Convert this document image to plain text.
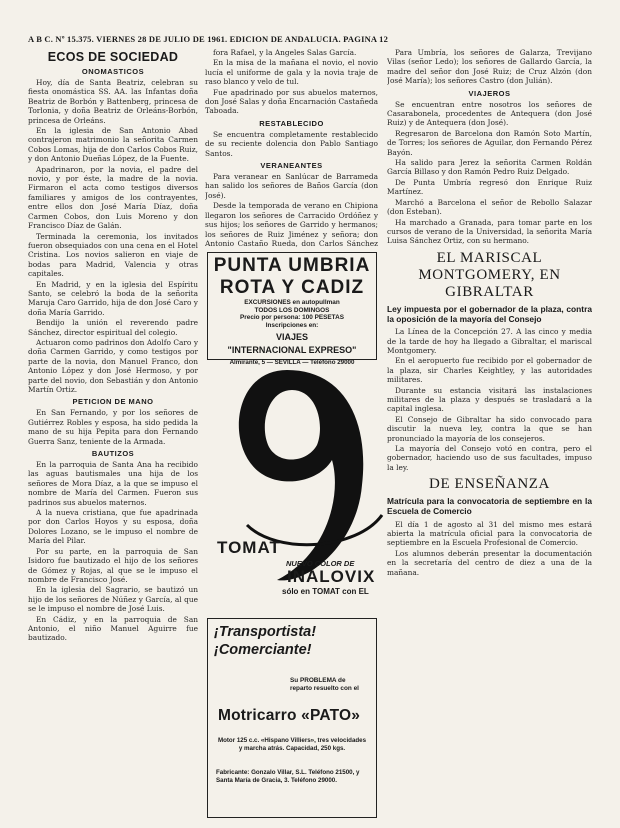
A B C. Nº 15.375. VIERNES 28 DE JULIO DE 1961. EDICION DE ANDALUCIA. PAGINA 12
ECOS DE SOCIEDAD
ONOMASTICOS

Hoy, día de Santa Beatriz, celebran su fiesta onomástica SS. AA. las Infantas doña Beatriz de Borbón y Battenberg, princesa de Torlonia, y doña Beatriz de Orleáns-Borbón, princesa de Orleáns.

En la iglesia de San Antonio Abad contrajeron matrimonio la señorita Carmen Cobos Lomas, hija de don Carlos Cobos Ruiz, y don Antonio Dueñas López, de la Fuente.

Apadrinaron, por la novia, el padre del novio, y por éste, la madre de la novia. Firmaron el acta como testigos diversos familiares y amigos de los contrayentes, entre ellos don José María Díaz, doña Carmen Cobos, don Luis Moreno y don Francisco Díaz de Galán.

Terminada la ceremonia, los invitados fueron obsequiados con una cena en el Hotel Cristina. Los novios salieron en viaje de bodas para Madrid, Valencia y otras capitales.

En Madrid, y en la iglesia del Espíritu Santo, se celebró la boda de la señorita Maruja Caro Garrido, hija de don José Caro y doña María Garrido.

Bendijo la unión el reverendo padre Sánchez, director espiritual del colegio.

Actuaron como padrinos don Adolfo Caro y doña Carmen Garrido, y como testigos por parte de la novia, don Manuel Franco, don Antonio López y don José Hermoso, y por parte del novio, don Sebastián y don Antonio Martín Ortiz.

PETICION DE MANO

En San Fernando, y por los señores de Gutiérrez Robles y esposa, ha sido pedida la mano de su hija Pepita para don Fernando Guerra Sanz, teniente de la Armada.

BAUTIZOS

En la parroquia de Santa Ana ha recibido las aguas bautismales una hija de los señores de Mora Díaz, a la que se impuso el nombre de María del Carmen. Fueron sus padrinos sus abuelos maternos.

A la nueva cristiana, que fue apadrinada por don Carlos Hoyos y su esposa, doña Dolores Lozano, se le impuso el nombre de María del Pilar.

Por su parte, en la parroquia de San Isidoro fue bautizado el hijo de los señores de Gómez y Rojas, al que se le impuso el nombre de Francisco José.

En la iglesia del Sagrario, se bautizó un hijo de los señores de Núñez y García, al que se le impuso el nombre de José Luis.

En Cádiz, y en la parroquia de San Antonio, el niño Manuel Aguirre fue bautizado.

fora Rafael, y la Angeles Salas García.

En la misa de la mañana el novio, el novio lucía el uniforme de gala y la novia traje de raso blanco y velo de tul.

Fue apadrinado por sus abuelos maternos, don José Salas y doña Encarnación Castañeda Taboada.

RESTABLECIDO

Se encuentra completamente restablecido de su reciente dolencia don Pablo Santiago Santos.

VERANEANTES

Para veranear en Sanlúcar de Barrameda han salido los señores de Baños García (don José).

Desde la temporada de verano en Chipiona llegaron los señores de Carracido Ordóñez y sus hijos; los señores de Garrido y hermanos; los señores de Ruiz Jiménez y señora; don Antonio Castaño Rueda, don Carlos Sánchez

PUNTA UMBRIA
ROTA Y CADIZ
EXCURSIONES en autopullman
TODOS LOS DOMINGOS
Precio por persona: 100 PESETAS
Inscripciones en:
VIAJES
"INTERNACIONAL EXPRESO"
Almirante, 5 — SEVILLA — Teléfono 29000
9
TOMAT
NUEVO COLOR DE
INALOVIX
sólo en TOMAT con EL
¡Transportista!
¡Comerciante!
Su PROBLEMA de reparto resuelto con el
Motricarro «PATO»
Motor 125 c.c. «Hispano Villiers», tres velocidades y marcha atrás. Capacidad, 250 kgs.
Fabricante: Gonzalo Villar, S.L. Teléfono 21500, y Santa María de Gracia, 3. Teléfono 29000.

Para Umbría, los señores de Galarza, Trevijano Vilas (señor Ledo); los señores de Gallardo García, la madre del señor don José Ruiz; de Cruz Alzón (don José María); los señores Castro (don Julián).

VIAJEROS

Se encuentran entre nosotros los señores de Casarabonela, procedentes de Antequera (don José Ruiz) y de Antequera (don José).

Regresaron de Barcelona don Ramón Soto Martín, de Torres; los señores de Aguilar, don Fernando Pérez Bayón.

Ha salido para Jerez la señorita Carmen Roldán García Billaso y don Ramón Pedro Ruiz Delgado.

De Punta Umbría regresó don Enrique Ruiz Martínez.

Marchó a Barcelona el señor de Rebollo Salazar (don Esteban).

Ha marchado a Granada, para tomar parte en los cursos de verano de la Universidad, la señorita María Luisa Sánchez Ortiz, con su hermano.

EL MARISCAL MONTGOMERY, EN GIBRALTAR
Ley impuesta por el gobernador de la plaza, contra la oposición de la mayoría del Consejo

La Línea de la Concepción 27. A las cinco y media de la tarde de hoy ha llegado a Gibraltar, el mariscal Montgomery.

En el aeropuerto fue recibido por el gobernador de la plaza, sir Charles Keightley, y las autoridades militares.

Durante su estancia visitará las instalaciones militares de la plaza y después se trasladará a la capital inglesa.

El Consejo de Gibraltar ha sido convocado para discutir la nueva ley, contra la que se han pronunciado la mayoría de los consejeros.

La mayoría del Consejo votó en contra, pero el gobernador, haciendo uso de sus facultades, impuso la ley.

DE ENSEÑANZA
Matrícula para la convocatoria de septiembre en la Escuela de Comercio

El día 1 de agosto al 31 del mismo mes estará abierta la matrícula oficial para la convocatoria de septiembre en la Escuela Profesional de Comercio.

Los alumnos deberán presentar la documentación en la secretaría del centro de diez a una de la mañana.
